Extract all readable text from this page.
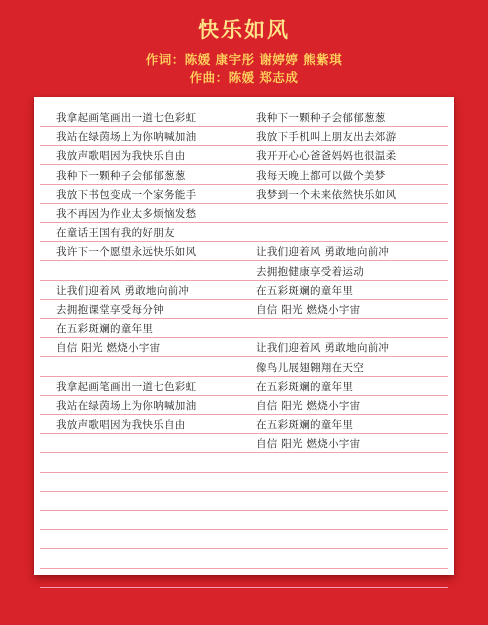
快乐如风
作词：陈媛 康宇彤 谢婷婷 熊紫琪
作曲：陈媛 郑志成
我拿起画笔画出一道七色彩虹
我站在绿茵场上为你呐喊加油
我放声歌唱因为我快乐自由
我种下一颗种子会郁郁葱葱
我放下书包变成一个家务能手
我不再因为作业太多烦恼发愁
在童话王国有我的好朋友
我许下一个愿望永远快乐如风
让我们迎着风 勇敢地向前冲
去拥抱课堂享受每分钟
在五彩斑斓的童年里
自信 阳光 燃烧小宇宙
我拿起画笔画出一道七色彩虹
我站在绿茵场上为你呐喊加油
我放声歌唱因为我快乐自由
我种下一颗种子会郁郁葱葱
我放下手机叫上朋友出去郊游
我开开心心爸爸妈妈也很温柔
我每天晚上都可以做个美梦
我梦到一个未来依然快乐如风
让我们迎着风 勇敢地向前冲
去拥抱健康享受着运动
在五彩斑斓的童年里
自信 阳光 燃烧小宇宙
让我们迎着风 勇敢地向前冲
像鸟儿展翅翱翔在天空
在五彩斑斓的童年里
自信 阳光 燃烧小宇宙
在五彩斑斓的童年里
自信 阳光 燃烧小宇宙
